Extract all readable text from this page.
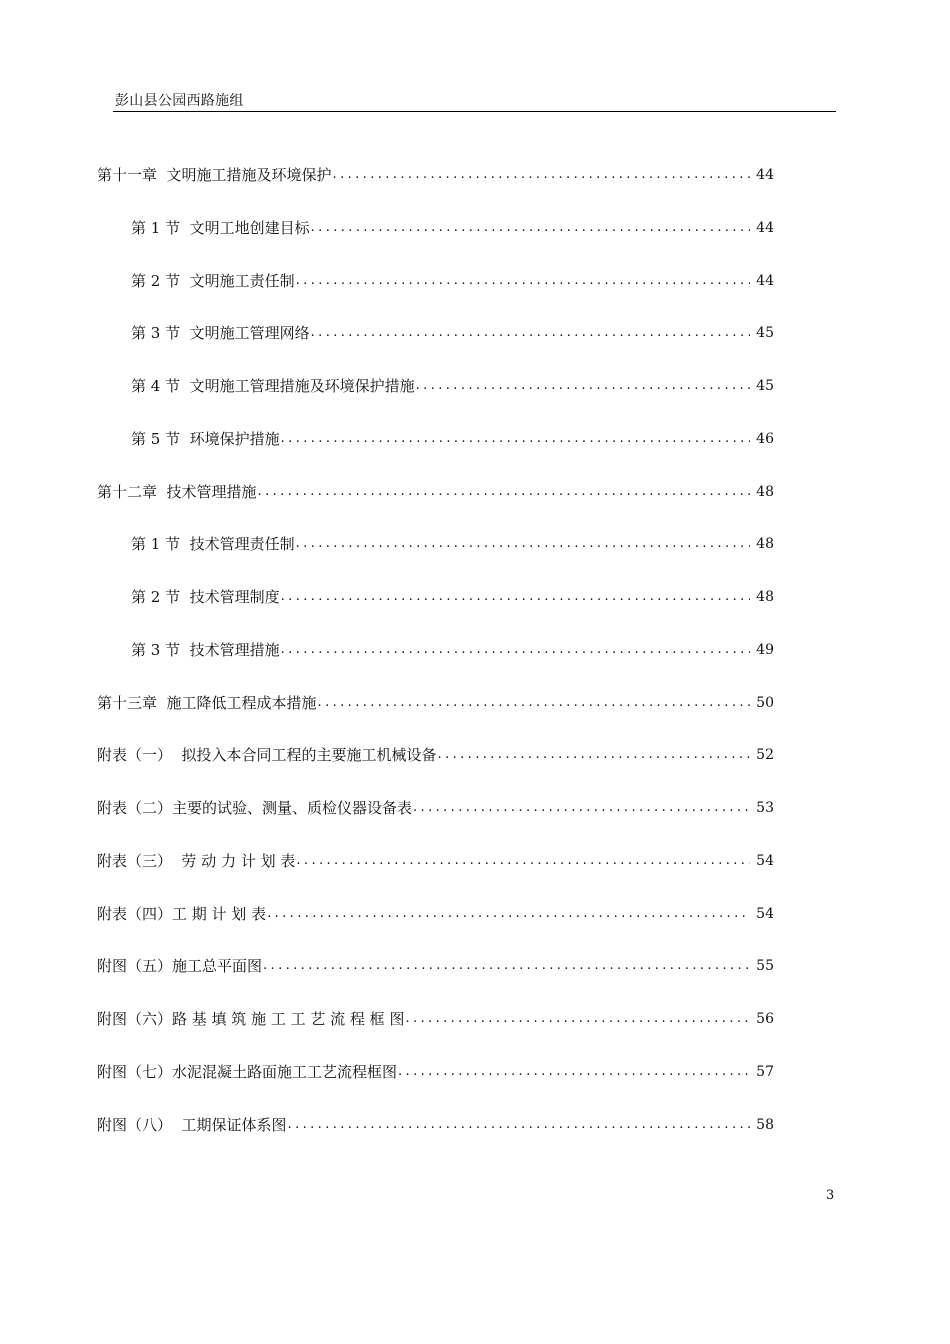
彭山县公园西路施组
第十一章  文明施工措施及环境保护 .....	44
第 1 节  文明工地创建目标 .....	44
第 2 节  文明施工责任制 .....	44
第 3 节  文明施工管理网络 .....	45
第 4 节  文明施工管理措施及环境保护措施 .....	45
第 5 节  环境保护措施 .....	46
第十二章  技术管理措施 .....	48
第 1 节  技术管理责任制 .....	48
第 2 节  技术管理制度 .....	48
第 3 节  技术管理措施 .....	49
第十三章  施工降低工程成本措施 .....	50
附表（一）  拟投入本合同工程的主要施工机械设备 .....	52
附表（二）主要的试验、测量、质检仪器设备表 .....	53
附表（三）  劳 动 力 计 划 表 .....	54
附表（四）工 期 计 划 表 .....	54
附图（五）施工总平面图 .....	55
附图（六）路 基 填 筑 施 工 工 艺 流 程 框 图 .....	56
附图（七）水泥混凝土路面施工工艺流程框图 .....	57
附图（八）  工期保证体系图 .....	58
3
